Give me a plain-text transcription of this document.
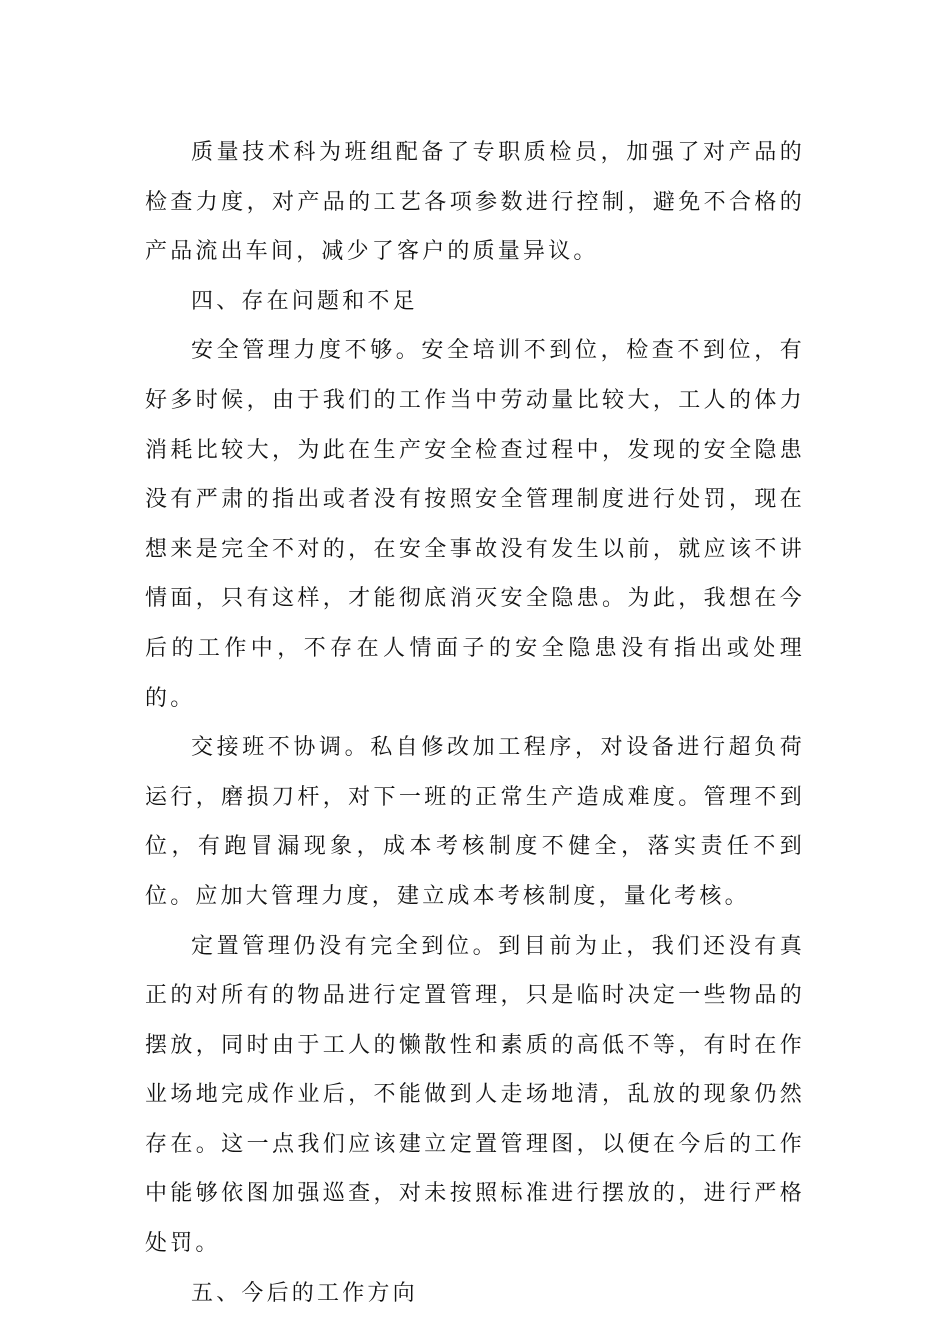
质量技术科为班组配备了专职质检员，加强了对产品的检查力度，对产品的工艺各项参数进行控制，避免不合格的产品流出车间，减少了客户的质量异议。

四、存在问题和不足

安全管理力度不够。安全培训不到位，检查不到位，有好多时候，由于我们的工作当中劳动量比较大，工人的体力消耗比较大，为此在生产安全检查过程中，发现的安全隐患没有严肃的指出或者没有按照安全管理制度进行处罚，现在想来是完全不对的，在安全事故没有发生以前，就应该不讲情面，只有这样，才能彻底消灭安全隐患。为此，我想在今后的工作中，不存在人情面子的安全隐患没有指出或处理的。

交接班不协调。私自修改加工程序，对设备进行超负荷运行，磨损刀杆，对下一班的正常生产造成难度。管理不到位，有跑冒漏现象，成本考核制度不健全，落实责任不到位。应加大管理力度，建立成本考核制度，量化考核。

定置管理仍没有完全到位。到目前为止，我们还没有真正的对所有的物品进行定置管理，只是临时决定一些物品的摆放，同时由于工人的懒散性和素质的高低不等，有时在作业场地完成作业后，不能做到人走场地清，乱放的现象仍然存在。这一点我们应该建立定置管理图，以便在今后的工作中能够依图加强巡查，对未按照标准进行摆放的，进行严格处罚。

五、今后的工作方向
